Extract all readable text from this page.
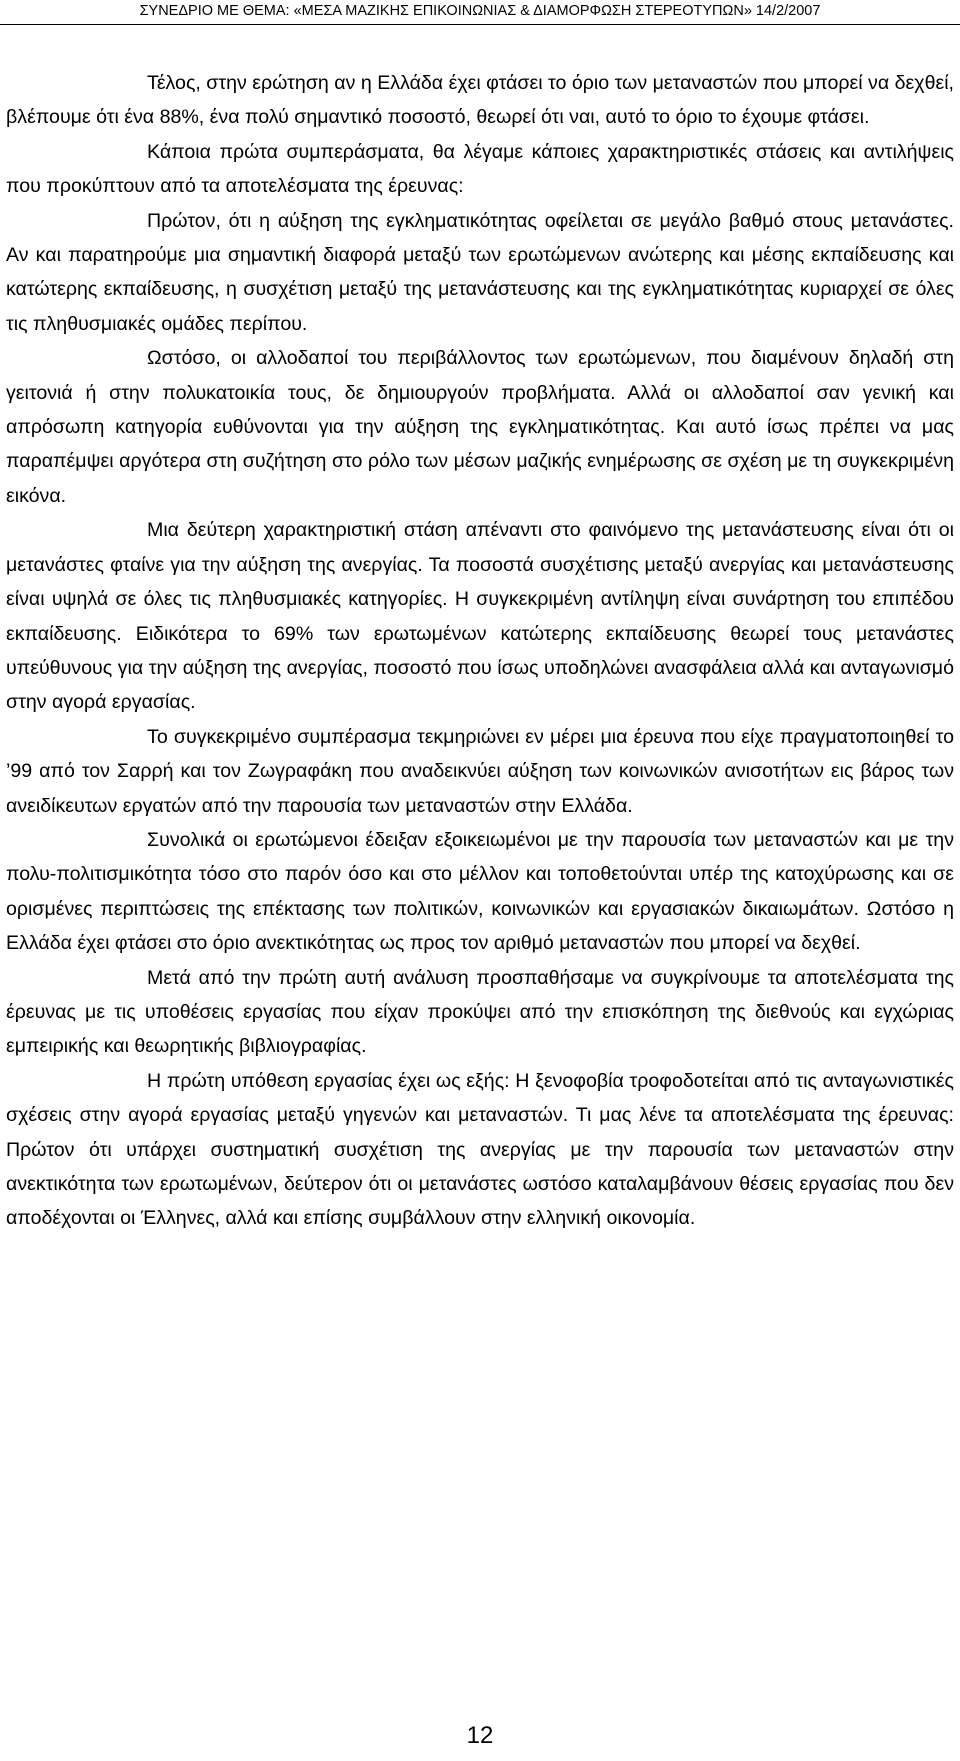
ΣΥΝΕΔΡΙΟ ΜΕ ΘΕΜΑ: «ΜΕΣΑ ΜΑΖΙΚΗΣ ΕΠΙΚΟΙΝΩΝΙΑΣ & ΔΙΑΜΟΡΦΩΣΗ ΣΤΕΡΕΟΤΥΠΩΝ» 14/2/2007

Τέλος, στην ερώτηση αν η Ελλάδα έχει φτάσει το όριο των μεταναστών που μπορεί να δεχθεί, βλέπουμε ότι ένα 88%, ένα πολύ σημαντικό ποσοστό, θεωρεί ότι ναι, αυτό το όριο το έχουμε φτάσει.

Κάποια πρώτα συμπεράσματα, θα λέγαμε κάποιες χαρακτηριστικές στάσεις και αντιλήψεις που προκύπτουν από τα αποτελέσματα της έρευνας:

Πρώτον, ότι η αύξηση της εγκληματικότητας οφείλεται σε μεγάλο βαθμό στους μετανάστες. Αν και παρατηρούμε μια σημαντική διαφορά μεταξύ των ερωτώμενων ανώτερης και μέσης εκπαίδευσης και κατώτερης εκπαίδευσης, η συσχέτιση μεταξύ της μετανάστευσης και της εγκληματικότητας κυριαρχεί σε όλες τις πληθυσμιακές ομάδες περίπου.

Ωστόσο, οι αλλοδαποί του περιβάλλοντος των ερωτώμενων, που διαμένουν δηλαδή στη γειτονιά ή στην πολυκατοικία τους, δε δημιουργούν προβλήματα. Αλλά οι αλλοδαποί σαν γενική και απρόσωπη κατηγορία ευθύνονται για την αύξηση της εγκληματικότητας. Και αυτό ίσως πρέπει να μας παραπέμψει αργότερα στη συζήτηση στο ρόλο των μέσων μαζικής ενημέρωσης σε σχέση με τη συγκεκριμένη εικόνα.

Μια δεύτερη χαρακτηριστική στάση απέναντι στο φαινόμενο της μετανάστευσης είναι ότι οι μετανάστες φταίνε για την αύξηση της ανεργίας. Τα ποσοστά συσχέτισης μεταξύ ανεργίας και μετανάστευσης είναι υψηλά σε όλες τις πληθυσμιακές κατηγορίες. Η συγκεκριμένη αντίληψη είναι συνάρτηση του επιπέδου εκπαίδευσης. Ειδικότερα το 69% των ερωτωμένων κατώτερης εκπαίδευσης θεωρεί τους μετανάστες υπεύθυνους για την αύξηση της ανεργίας, ποσοστό που ίσως υποδηλώνει ανασφάλεια αλλά και ανταγωνισμό στην αγορά εργασίας.

Το συγκεκριμένο συμπέρασμα τεκμηριώνει εν μέρει μια έρευνα που είχε πραγματοποιηθεί το ’99 από τον Σαρρή και τον Ζωγραφάκη που αναδεικνύει αύξηση των κοινωνικών ανισοτήτων εις βάρος των ανειδίκευτων εργατών από την παρουσία των μεταναστών στην Ελλάδα.

Συνολικά οι ερωτώμενοι έδειξαν εξοικειωμένοι με την παρουσία των μεταναστών και με την πολυ-πολιτισμικότητα τόσο στο παρόν όσο και στο μέλλον και τοποθετούνται υπέρ της κατοχύρωσης και σε ορισμένες περιπτώσεις της επέκτασης των πολιτικών, κοινωνικών και εργασιακών δικαιωμάτων. Ωστόσο η Ελλάδα έχει φτάσει στο όριο ανεκτικότητας ως προς τον αριθμό μεταναστών που μπορεί να δεχθεί.

Μετά από την πρώτη αυτή ανάλυση προσπαθήσαμε να συγκρίνουμε τα αποτελέσματα της έρευνας με τις υποθέσεις εργασίας που είχαν προκύψει από την επισκόπηση της διεθνούς και εγχώριας εμπειρικής και θεωρητικής βιβλιογραφίας.

Η πρώτη υπόθεση εργασίας έχει ως εξής: Η ξενοφοβία τροφοδοτείται από τις ανταγωνιστικές σχέσεις στην αγορά εργασίας μεταξύ γηγενών και μεταναστών. Τι μας λένε τα αποτελέσματα της έρευνας: Πρώτον ότι υπάρχει συστηματική συσχέτιση της ανεργίας με την παρουσία των μεταναστών στην ανεκτικότητα των ερωτωμένων, δεύτερον ότι οι μετανάστες ωστόσο καταλαμβάνουν θέσεις εργασίας που δεν αποδέχονται οι Έλληνες, αλλά και επίσης συμβάλλουν στην ελληνική οικονομία.

12
